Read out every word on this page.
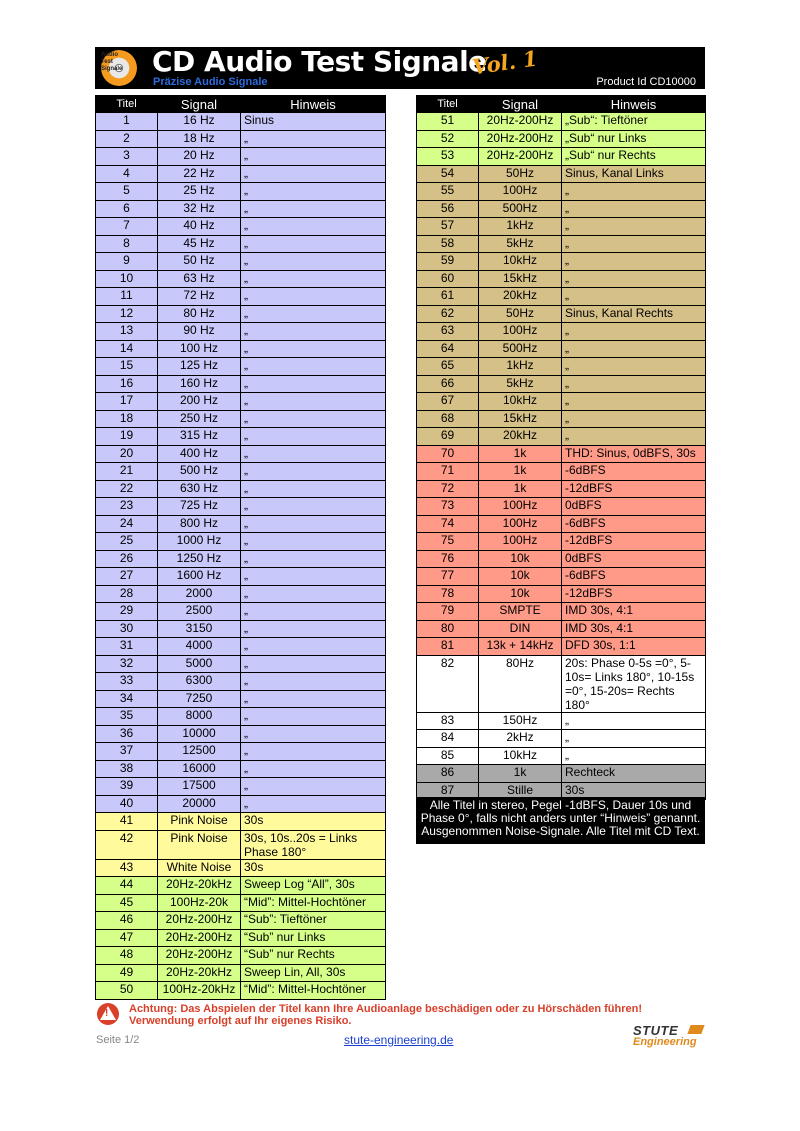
Audio Test Signale	CD Audio Test Signale
Präzise Audio Signale
Vol. 1
Product Id CD10000
Titel	Signal	Hinweis
1	16 Hz	Sinus
2	18 Hz	„
3	20 Hz	„
4	22 Hz	„
5	25 Hz	„
6	32 Hz	„
7	40 Hz	„
8	45 Hz	„
9	50 Hz	„
10	63 Hz	„
11	72 Hz	„
12	80 Hz	„
13	90 Hz	„
14	100 Hz	„
15	125 Hz	„
16	160 Hz	„
17	200 Hz	„
18	250 Hz	„
19	315 Hz	„
20	400 Hz	„
21	500 Hz	„
22	630 Hz	„
23	725 Hz	„
24	800 Hz	„
25	1000 Hz	„
26	1250 Hz	„
27	1600 Hz	„
28	2000	„
29	2500	„
30	3150	„
31	4000	„
32	5000	„
33	6300	„
34	7250	„
35	8000	„
36	10000	„
37	12500	„
38	16000	„
39	17500	„
40	20000	„
41	Pink Noise	30s
42	Pink Noise	30s, 10s..20s = Links Phase 180°
43	White Noise	30s
44	20Hz-20kHz	Sweep Log “All”, 30s
45	100Hz-20k	“Mid”: Mittel-Hochtöner
46	20Hz-200Hz	“Sub”: Tieftöner
47	20Hz-200Hz	“Sub” nur Links
48	20Hz-200Hz	“Sub” nur Rechts
49	20Hz-20kHz	Sweep Lin, All, 30s
50	100Hz-20kHz	“Mid”: Mittel-Hochtöner
Titel	Signal	Hinweis
51	20Hz-200Hz	„Sub“: Tieftöner
52	20Hz-200Hz	„Sub“ nur Links
53	20Hz-200Hz	„Sub“ nur Rechts
54	50Hz	Sinus, Kanal Links
55	100Hz	„
56	500Hz	„
57	1kHz	„
58	5kHz	„
59	10kHz	„
60	15kHz	„
61	20kHz	„
62	50Hz	Sinus, Kanal Rechts
63	100Hz	„
64	500Hz	„
65	1kHz	„
66	5kHz	„
67	10kHz	„
68	15kHz	„
69	20kHz	„
70	1k	THD: Sinus, 0dBFS, 30s
71	1k	-6dBFS
72	1k	-12dBFS
73	100Hz	0dBFS
74	100Hz	-6dBFS
75	100Hz	-12dBFS
76	10k	0dBFS
77	10k	-6dBFS
78	10k	-12dBFS
79	SMPTE	IMD 30s, 4:1
80	DIN	IMD 30s, 4:1
81	13k + 14kHz	DFD 30s, 1:1
82	80Hz	20s: Phase 0-5s =0°, 5-10s= Links 180°, 10-15s =0°, 15-20s= Rechts 180°
83	150Hz	„
84	2kHz	„
85	10kHz	„
86	1k	Rechteck
87	Stille	30s
Alle Titel in stereo, Pegel -1dBFS, Dauer 10s und Phase 0°, falls nicht anders unter “Hinweis” genannt. Ausgenommen Noise-Signale. Alle Titel mit CD Text.
!
Achtung: Das Abspielen der Titel kann Ihre Audioanlage beschädigen oder zu Hörschäden führen! Verwendung erfolgt auf Ihr eigenes Risiko.
Seite 1/2	stute-engineering.de
STUTE
Engineering
